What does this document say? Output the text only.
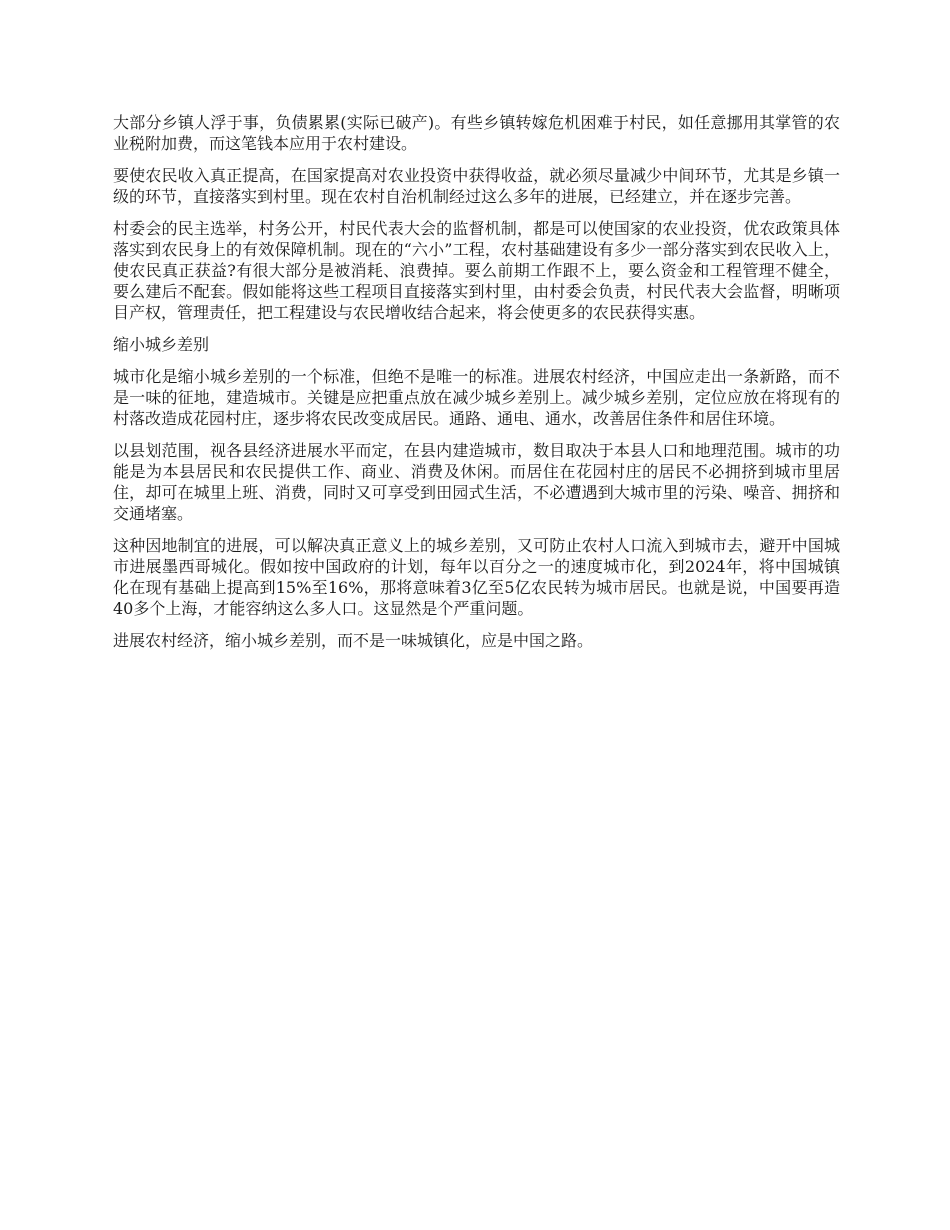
大部分乡镇人浮于事，负债累累(实际已破产)。有些乡镇转嫁危机困难于村民，如任意挪用其掌管的农业税附加费，而这笔钱本应用于农村建设。

要使农民收入真正提高，在国家提高对农业投资中获得收益，就必须尽量减少中间环节，尤其是乡镇一级的环节，直接落实到村里。现在农村自治机制经过这么多年的进展，已经建立，并在逐步完善。

村委会的民主选举，村务公开，村民代表大会的监督机制，都是可以使国家的农业投资，优农政策具体落实到农民身上的有效保障机制。现在的“六小”工程，农村基础建设有多少一部分落实到农民收入上，使农民真正获益?有很大部分是被消耗、浪费掉。要么前期工作跟不上，要么资金和工程管理不健全，要么建后不配套。假如能将这些工程项目直接落实到村里，由村委会负责，村民代表大会监督，明晰项目产权，管理责任，把工程建设与农民增收结合起来，将会使更多的农民获得实惠。

缩小城乡差别

城市化是缩小城乡差别的一个标准，但绝不是唯一的标准。进展农村经济，中国应走出一条新路，而不是一味的征地，建造城市。关键是应把重点放在减少城乡差别上。减少城乡差别，定位应放在将现有的村落改造成花园村庄，逐步将农民改变成居民。通路、通电、通水，改善居住条件和居住环境。

以县划范围，视各县经济进展水平而定，在县内建造城市，数目取决于本县人口和地理范围。城市的功能是为本县居民和农民提供工作、商业、消费及休闲。而居住在花园村庄的居民不必拥挤到城市里居住，却可在城里上班、消费，同时又可享受到田园式生活，不必遭遇到大城市里的污染、噪音、拥挤和交通堵塞。

这种因地制宜的进展，可以解决真正意义上的城乡差别，又可防止农村人口流入到城市去，避开中国城市进展墨西哥城化。假如按中国政府的计划，每年以百分之一的速度城市化，到2024年，将中国城镇化在现有基础上提高到15%至16%，那将意味着3亿至5亿农民转为城市居民。也就是说，中国要再造40多个上海，才能容纳这么多人口。这显然是个严重问题。

进展农村经济，缩小城乡差别，而不是一味城镇化，应是中国之路。
